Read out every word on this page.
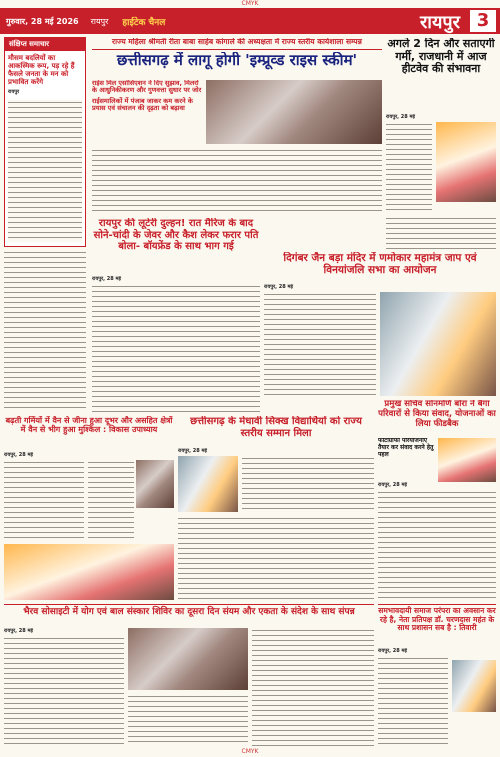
CMYK
गुरुवार, 28 मई 2026 रायपुर हाईटेक चैनल	रायपुर 3
संक्षिप्त समाचार
मौसम बदलियों का आकस्मिक रूप, पड़ रहे हैं फैसले जनता के मन को प्रभावित करेंगे
रायपुर
राज्य महिला श्रीमती रीता बाबा साहेब कांगाले की अध्यक्षता में राज्य स्तरीय कार्यशाला सम्पन्न
छत्तीसगढ़ में लागू होगी 'इम्प्रूव्ड राइस स्कीम'
राईस मिल एसोसिएशन ने दिए सुझाव, मिलरों के आधुनिकीकरण और गुणवत्ता सुधार पर जोर
राईसमालिकों में पंजाब जाकर कम करने के प्रयास एवं संचालन की दृढ़ता को बढ़ावा
अगले 2 दिन और सताएगी गर्मी, राजधानी में आज हीटवेव की संभावना
रायपुर, 28 मई
रायपुर की लूटेरी दुल्हन! रात मैरिज के बाद सोने-चांदी के जेवर और कैश लेकर फरार पति बोला- बॉयफ्रेंड के साथ भाग गई
रायपुर, 28 मई
दिगंबर जैन बड़ा मंदिर में णमोकार महामंत्र जाप एवं विनयांजलि सभा का आयोजन
रायपुर, 28 मई
बढ़ती गर्मियों में वैन से जीना हुआ दूभर और असहित क्षेत्रों में वैन से भीग हुआ मुश्किल : विकास उपाध्याय
रायपुर, 28 मई
छत्तीसगढ़ के मेधावी सिक्ख विद्यार्थियों को राज्य स्तरीय सम्मान मिला
रायपुर, 28 मई
प्रमुख सचिव सोनमणि बोरा ने बैगा परिवारों से किया संवाद, योजनाओं का लिया फीडबैक
फोटोग्राफी परियोजनाएं तैयार कर संवाद करने हेतु पहल
रायपुर, 28 मई
भैरव सोसाइटी में योग एवं बाल संस्कार शिविर का दूसरा दिन संयम और एकता के संदेश के साथ संपन्न
रायपुर, 28 मई
समभावदायी समाज परंपरा का अवसान कर रहे है, नेता प्रतिपक्ष डॉ. चरणदास महंत के साथ प्रशासन सब है : तिवारी
रायपुर, 28 मई
CMYK
